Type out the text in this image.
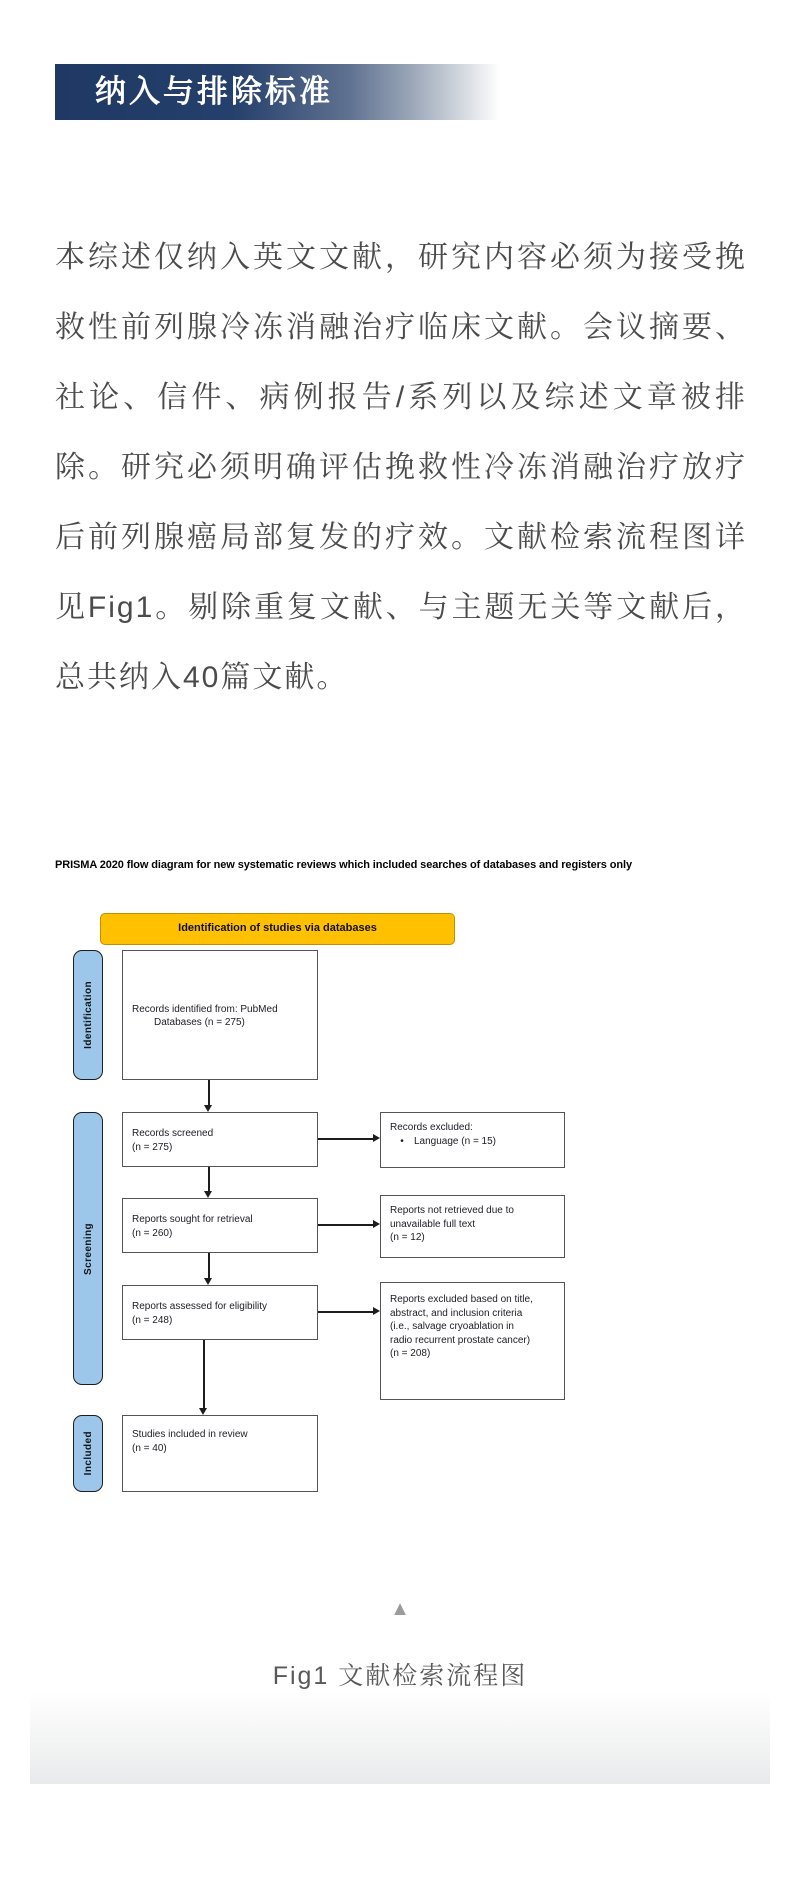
纳入与排除标准
本综述仅纳入英文文献，研究内容必须为接受挽
救性前列腺冷冻消融治疗临床文献。会议摘要、
社论、信件、病例报告/系列以及综述文章被排
除。研究必须明确评估挽救性冷冻消融治疗放疗
后前列腺癌局部复发的疗效。文献检索流程图详
见Fig1。剔除重复文献、与主题无关等文献后，
总共纳入40篇文献。
PRISMA 2020 flow diagram for new systematic reviews which included searches of databases and registers only
Identification of studies via databases
Identification
Screening
Included
Records identified from: PubMed
Databases (n = 275)
Records screened
(n = 275)
Reports sought for retrieval
(n = 260)
Reports assessed for eligibility
(n = 248)
Studies included in review
(n = 40)
Records excluded:
•	Language (n = 15)
Reports not retrieved due to
unavailable full text
(n = 12)
Reports excluded based on title,
abstract, and inclusion criteria
(i.e., salvage cryoablation in
radio recurrent prostate cancer)
(n = 208)
▲
Fig1 文献检索流程图
